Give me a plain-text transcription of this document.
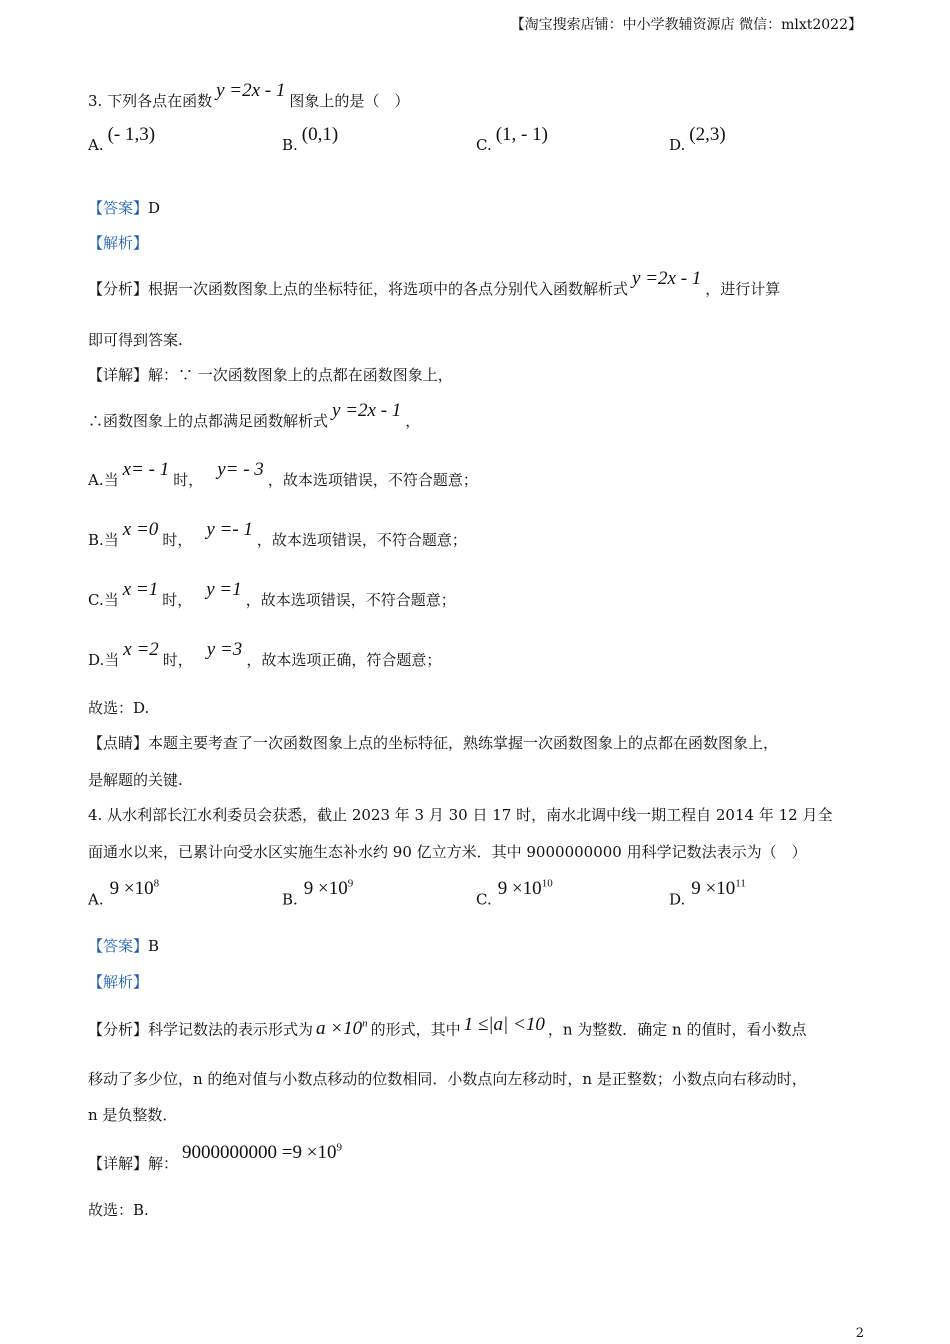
【淘宝搜索店铺：中小学教辅资源店 微信：mlxt2022】
3. 下列各点在函数 y =2x - 1 图象上的是（　）
A. (- 1,3)	B. (0,1)	C. (1, - 1)	D. (2,3)
【答案】D
【解析】
【分析】根据一次函数图象上点的坐标特征，将选项中的各点分别代入函数解析式 y =2x - 1 ，进行计算
即可得到答案.
【详解】解：∵ 一次函数图象上的点都在函数图象上，
∴函数图象上的点都满足函数解析式 y =2x - 1 ，
A.当 x= - 1 时， y= - 3 ，故本选项错误，不符合题意；
B.当 x =0 时， y =- 1 ，故本选项错误，不符合题意；
C.当 x =1 时， y =1 ，故本选项错误，不符合题意；
D.当 x =2 时， y =3 ，故本选项正确，符合题意；
故选：D.
【点睛】本题主要考查了一次函数图象上点的坐标特征，熟练掌握一次函数图象上的点都在函数图象上，
是解题的关键.
4. 从水利部长江水利委员会获悉，截止 2023 年 3 月 30 日 17 时，南水北调中线一期工程自 2014 年 12 月全
面通水以来，已累计向受水区实施生态补水约 90 亿立方米．其中 9000000000 用科学记数法表示为（　）
A. $9 \times 10^8$
B. $9 \times 10^9$
C. $9 \times 10^{10}$
D. $9 \times 10^{11}$
【答案】B
【解析】
【分析】科学记数法的表示形式为 $a \times 10^n$ 的形式，其中 1 ≤|a| <10 ，n 为整数．确定 n 的值时，看小数点
移动了多少位，n 的绝对值与小数点移动的位数相同．小数点向左移动时，n 是正整数；小数点向右移动时，
n 是负整数．
【详解】解： $9000000000 =9 \times 10^9$
故选：B.
2
